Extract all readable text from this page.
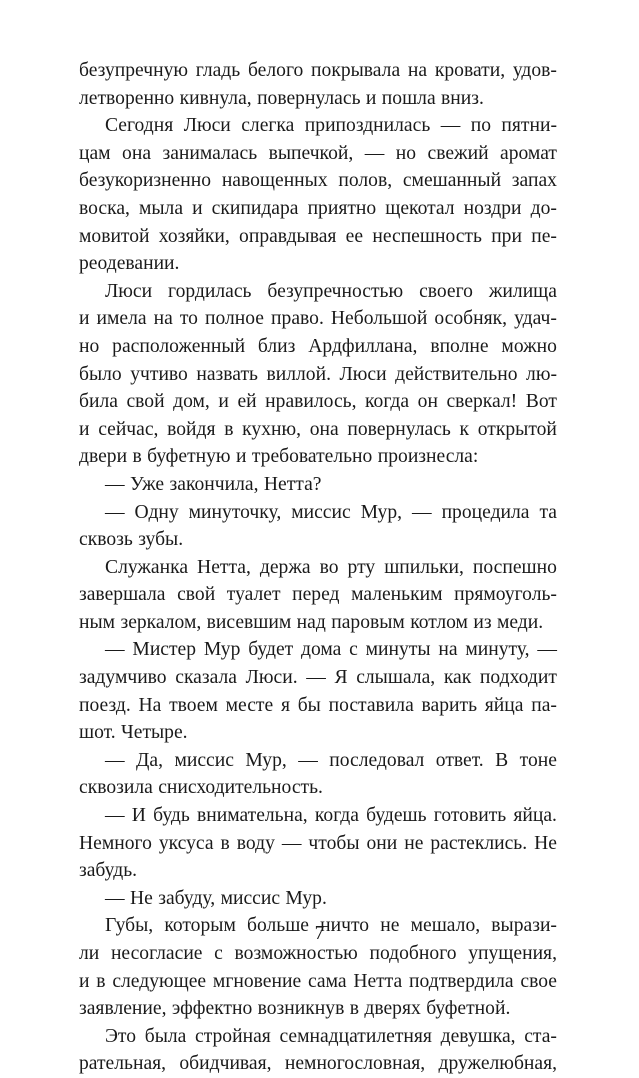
безупречную гладь белого покрывала на кровати, удов-
летворенно кивнула, повернулась и пошла вниз.
Сегодня Люси слегка припозднилась — по пятни-
цам она занималась выпечкой, — но свежий аромат
безукоризненно навощенных полов, смешанный запах
воска, мыла и скипидара приятно щекотал ноздри до-
мовитой хозяйки, оправдывая ее неспешность при пе-
реодевании.
Люси гордилась безупречностью своего жилища
и имела на то полное право. Небольшой особняк, удач-
но расположенный близ Ардфиллана, вполне можно
было учтиво назвать виллой. Люси действительно лю-
била свой дом, и ей нравилось, когда он сверкал! Вот
и сейчас, войдя в кухню, она повернулась к открытой
двери в буфетную и требовательно произнесла:
— Уже закончила, Нетта?
— Одну минуточку, миссис Мур, — процедила та
сквозь зубы.
Служанка Нетта, держа во рту шпильки, поспешно
завершала свой туалет перед маленьким прямоуголь-
ным зеркалом, висевшим над паровым котлом из меди.
— Мистер Мур будет дома с минуты на минуту, —
задумчиво сказала Люси. — Я слышала, как подходит
поезд. На твоем месте я бы поставила варить яйца па-
шот. Четыре.
— Да, миссис Мур, — последовал ответ. В тоне
сквозила снисходительность.
— И будь внимательна, когда будешь готовить яйца.
Немного уксуса в воду — чтобы они не растеклись. Не
забудь.
— Не забуду, миссис Мур.
Губы, которым больше ничто не мешало, вырази-
ли несогласие с возможностью подобного упущения,
и в следующее мгновение сама Нетта подтвердила свое
заявление, эффектно возникнув в дверях буфетной.
Это была стройная семнадцатилетняя девушка, ста-
рательная, обидчивая, немногословная, дружелюбная,
7
